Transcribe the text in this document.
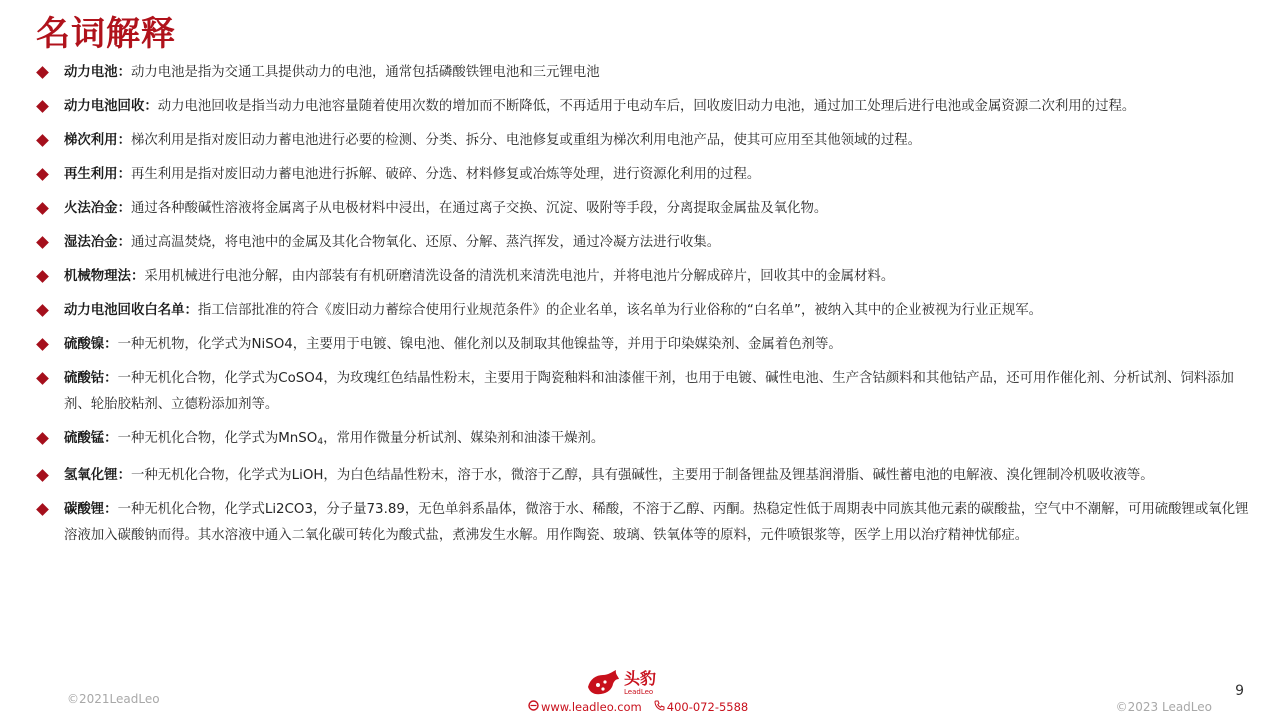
名词解释
动力电池 ： 动力电池是指为交通工具提供动力的电池，通常包括磷酸铁锂电池和三元锂电池
动力电池回收 ： 动力电池回收是指当动力电池容量随着使用次数的增加而不断降低，不再适用于电动车后，回收废旧动力电池，通过加工处理后进行电池或金属资源二次利用的过程。
梯次利用 ： 梯次利用是指对废旧动力蓄电池进行必要的检测、分类、拆分、电池修复或重组为梯次利用电池产品，使其可应用至其他领域的过程。
再生利用 ： 再生利用是指对废旧动力蓄电池进行拆解、破碎、分选、材料修复或冶炼等处理，进行资源化利用的过程。
火法冶金 ： 通过各种酸碱性溶液将金属离子从电极材料中浸出，在通过离子交换、沉淀、吸附等手段，分离提取金属盐及氧化物。
湿法冶金 ： 通过高温焚烧，将电池中的金属及其化合物氧化、还原、分解、蒸汽挥发，通过冷凝方法进行收集。
机械物理法 ： 采用机械进行电池分解，由内部装有有机研磨清洗设备的清洗机来清洗电池片，并将电池片分解成碎片，回收其中的金属材料。
动力电池回收白名单 ： 指工信部批准的符合《废旧动力蓄综合使用行业规范条件》的企业名单，该名单为行业俗称的“白名单”，被纳入其中的企业被视为行业正规军。
硫酸镍 ： 一种无机物，化学式为NiSO4，主要用于电镀、镍电池、催化剂以及制取其他镍盐等，并用于印染媒染剂、金属着色剂等。
硫酸钴 ： 一种无机化合物，化学式为CoSO4，为玫瑰红色结晶性粉末，主要用于陶瓷釉料和油漆催干剂，也用于电镀、碱性电池、生产含钴颜料和其他钴产品，还可用作催化剂、分析试剂、饲料添加剂、轮胎胶粘剂、立德粉添加剂等。
硫酸锰 ： 一种无机化合物，化学式为MnSO$_4$，常用作微量分析试剂、媒染剂和油漆干燥剂。
氢氧化锂 ： 一种无机化合物，化学式为LiOH，为白色结晶性粉末，溶于水，微溶于乙醇，具有强碱性，主要用于制备锂盐及锂基润滑脂、碱性蓄电池的电解液、溴化锂制冷机吸收液等。
碳酸锂 ： 一种无机化合物，化学式Li2CO3，分子量73.89，无色单斜系晶体，微溶于水、稀酸，不溶于乙醇、丙酮。热稳定性低于周期表中同族其他元素的碳酸盐，空气中不潮解，可用硫酸锂或氧化锂溶液加入碳酸钠而得。其水溶液中通入二氧化碳可转化为酸式盐，煮沸发生水解。用作陶瓷、玻璃、铁氧体等的原料，元件喷银浆等，医学上用以治疗精神忧郁症。
©2021LeadLeo
头豹
LeadLeo
www.leadleo.com 400-072-5588
9
©2023 LeadLeo
